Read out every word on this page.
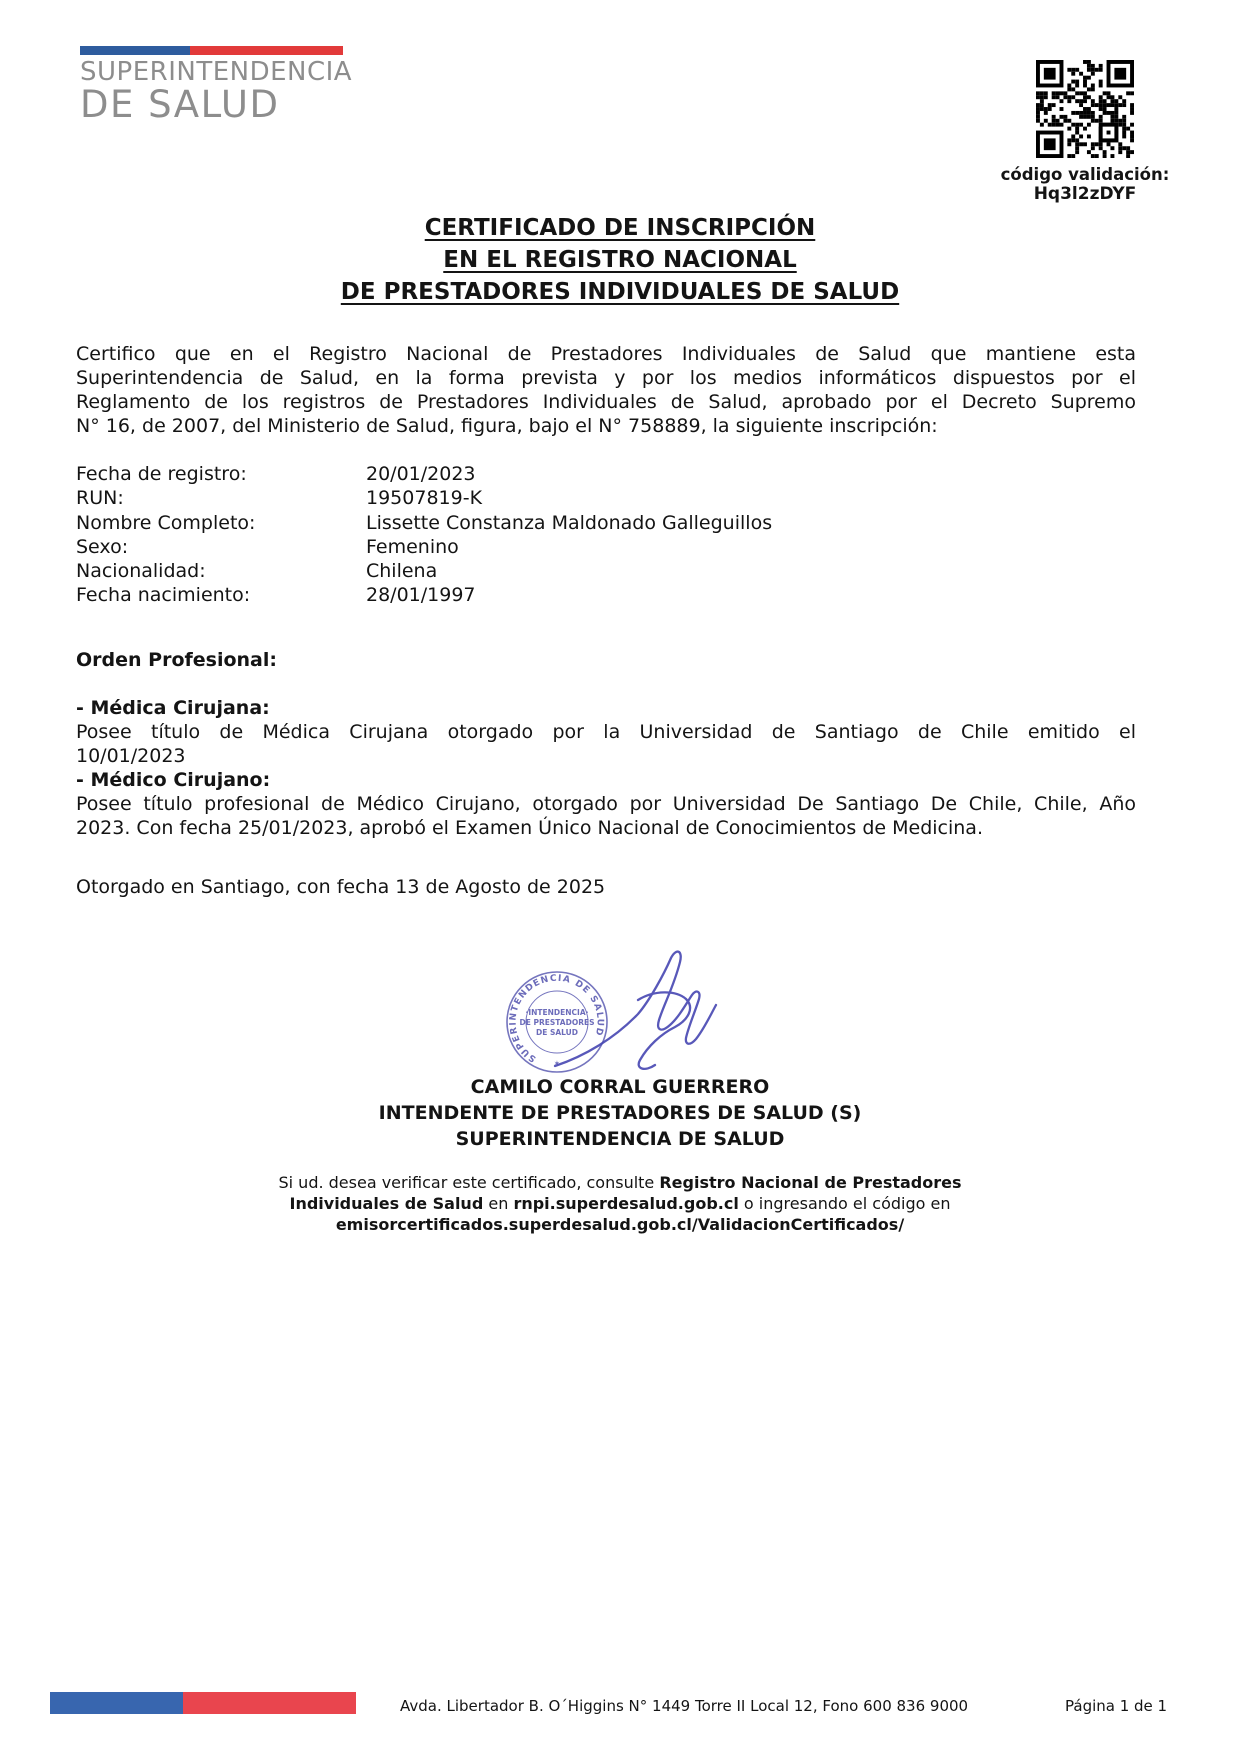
SUPERINTENDENCIA
DE SALUD
código validación:
Hq3l2zDYF
CERTIFICADO DE INSCRIPCIÓN
EN EL REGISTRO NACIONAL
DE PRESTADORES INDIVIDUALES DE SALUD
Certifico que en el Registro Nacional de Prestadores Individuales de Salud que mantiene esta
Superintendencia de Salud, en la forma prevista y por los medios informáticos dispuestos por el
Reglamento de los registros de Prestadores Individuales de Salud, aprobado por el Decreto Supremo
N° 16, de 2007, del Ministerio de Salud, figura, bajo el N° 758889, la siguiente inscripción:
Fecha de registro:	20/01/2023
RUN:	19507819-K
Nombre Completo:	Lissette Constanza Maldonado Galleguillos
Sexo:	Femenino
Nacionalidad:	Chilena
Fecha nacimiento:	28/01/1997
Orden Profesional:
- Médica Cirujana:
Posee título de Médica Cirujana otorgado por la Universidad de Santiago de Chile emitido el
10/01/2023
- Médico Cirujano:
Posee título profesional de Médico Cirujano, otorgado por Universidad De Santiago De Chile, Chile, Año
2023. Con fecha 25/01/2023, aprobó el Examen Único Nacional de Conocimientos de Medicina.
Otorgado en Santiago, con fecha 13 de Agosto de 2025
SUPERINTENDENCIA DE SALUD
·INTENDENCIA·
DE PRESTADORES
DE SALUD
✶
CAMILO CORRAL GUERRERO
INTENDENTE DE PRESTADORES DE SALUD (S)
SUPERINTENDENCIA DE SALUD
Si ud. desea verificar este certificado, consulte Registro Nacional de Prestadores Individuales de Salud en rnpi.superdesalud.gob.cl o ingresando el código en emisorcertificados.superdesalud.gob.cl/ValidacionCertificados/
Avda. Libertador B. O´Higgins N° 1449 Torre II Local 12, Fono 600 836 9000	Página 1 de 1
